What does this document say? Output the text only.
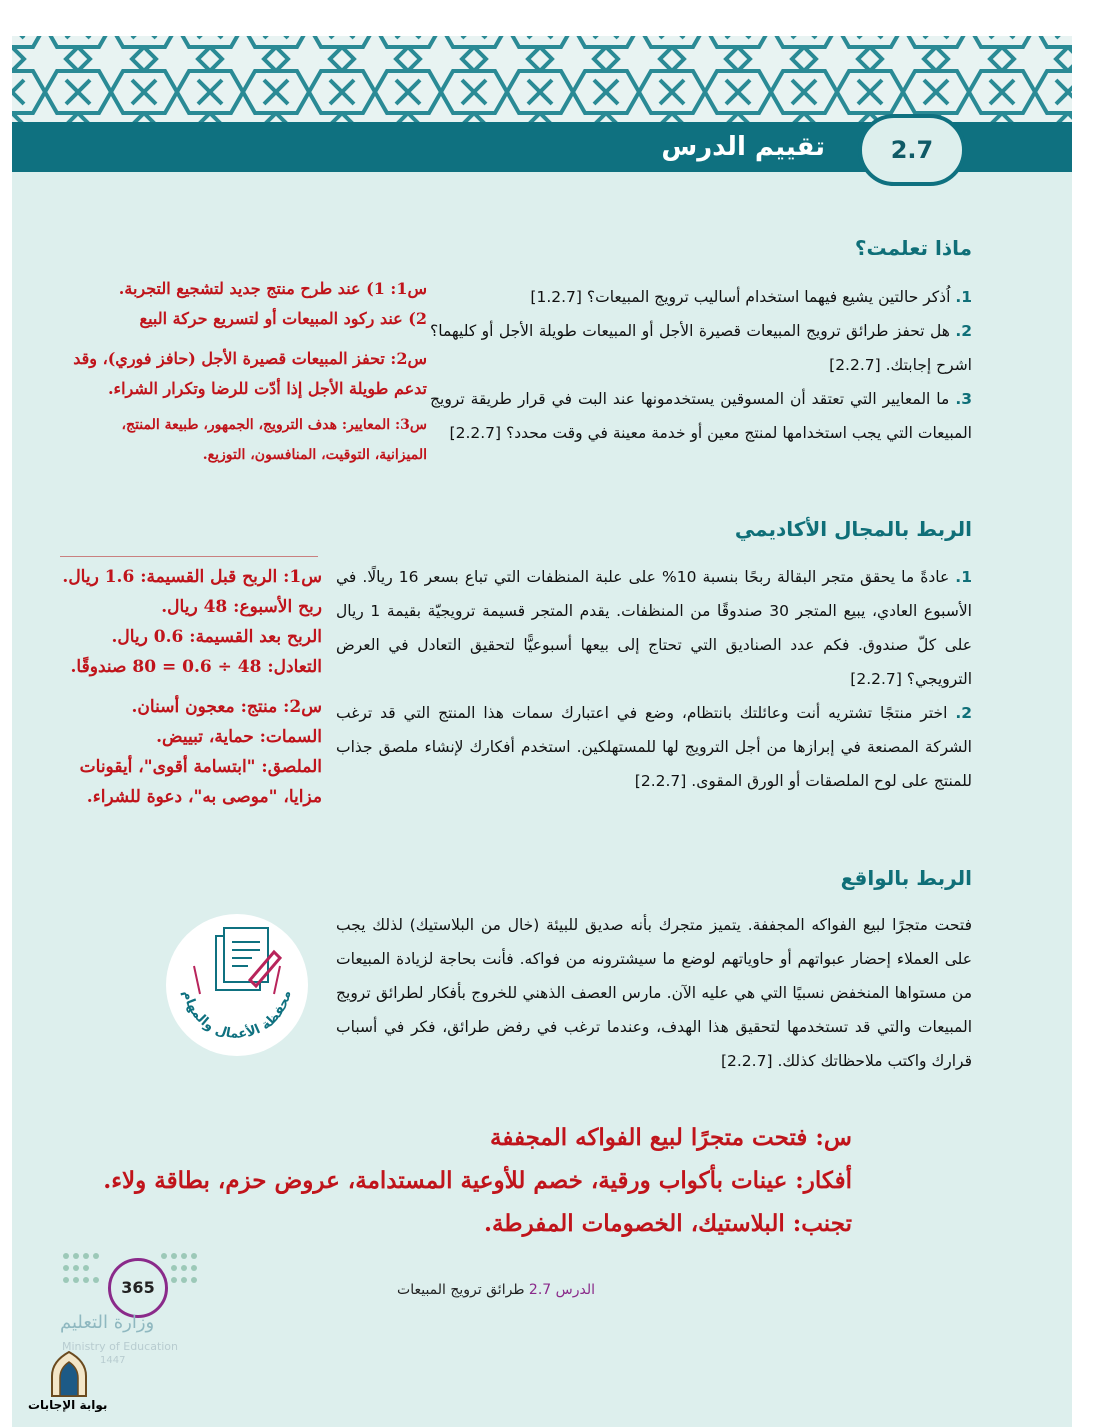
تقييم الدرس	2.7
ماذا تعلمت؟
1. اُذكر حالتين يشيع فيهما استخدام أساليب ترويج المبيعات؟ [1.2.7]
2. هل تحفز طرائق ترويج المبيعات قصيرة الأجل أو المبيعات طويلة الأجل أو كليهما؟ اشرح إجابتك. [2.2.7]
3. ما المعايير التي تعتقد أن المسوقين يستخدمونها عند البت في قرار طريقة ترويج المبيعات التي يجب استخدامها لمنتج معين أو خدمة معينة في وقت محدد؟ [2.2.7]
س1: 1) عند طرح منتج جديد لتشجيع التجربة.
2) عند ركود المبيعات أو لتسريع حركة البيع
س2: تحفز المبيعات قصيرة الأجل (حافز فوري)، وقد
تدعم طويلة الأجل إذا أدّت للرضا وتكرار الشراء.
س3: المعايير: هدف الترويج، الجمهور، طبيعة المنتج،
الميزانية، التوقيت، المنافسون، التوزيع.
الربط بالمجال الأكاديمي
1. عادةً ما يحقق متجر البقالة ربحًا بنسبة 10% على علبة المنظفات التي تباع بسعر 16 ريالًا. في الأسبوع العادي، يبيع المتجر 30 صندوقًا من المنظفات. يقدم المتجر قسيمة ترويجيّة بقيمة 1 ريال على كلّ صندوق. فكم عدد الصناديق التي تحتاج إلى بيعها أسبوعيًّا لتحقيق التعادل في العرض الترويجي؟ [2.2.7]
2. اختر منتجًا تشتريه أنت وعائلتك بانتظام، وضع في اعتبارك سمات هذا المنتج التي قد ترغب الشركة المصنعة في إبرازها من أجل الترويج لها للمستهلكين. استخدم أفكارك لإنشاء ملصق جذاب للمنتج على لوح الملصقات أو الورق المقوى. [2.2.7]
س1: الربح قبل القسيمة: 1.6 ريال.
ربح الأسبوع: 48 ريال.
الربح بعد القسيمة: 0.6 ريال.
التعادل: 48 ÷ 0.6 = 80 صندوقًا.
س2: منتج: معجون أسنان.
السمات: حماية، تبييض.
الملصق: "ابتسامة أقوى"، أيقونات
مزايا، "موصى به"، دعوة للشراء.
الربط بالواقع
فتحت متجرًا لبيع الفواكه المجففة. يتميز متجرك بأنه صديق للبيئة (خال من البلاستيك) لذلك يجب على العملاء إحضار عبواتهم أو حاوياتهم لوضع ما سيشترونه من فواكه. فأنت بحاجة لزيادة المبيعات من مستواها المنخفض نسبيًا التي هي عليه الآن. مارس العصف الذهني للخروج بأفكار لطرائق ترويج المبيعات والتي قد تستخدمها لتحقيق هذا الهدف، وعندما ترغب في رفض طرائق، فكر في أسباب قرارك واكتب ملاحظاتك كذلك. [2.2.7]
محفظة الأعمال والمهام
س: فتحت متجرًا لبيع الفواكه المجففة
أفكار: عينات بأكواب ورقية، خصم للأوعية المستدامة، عروض حزم، بطاقة ولاء.
تجنب: البلاستيك، الخصومات المفرطة.
الدرس 2.7 طرائق ترويج المبيعات
365
وزارة التعليم
Ministry of Education
1447
بوابة الإجابات
